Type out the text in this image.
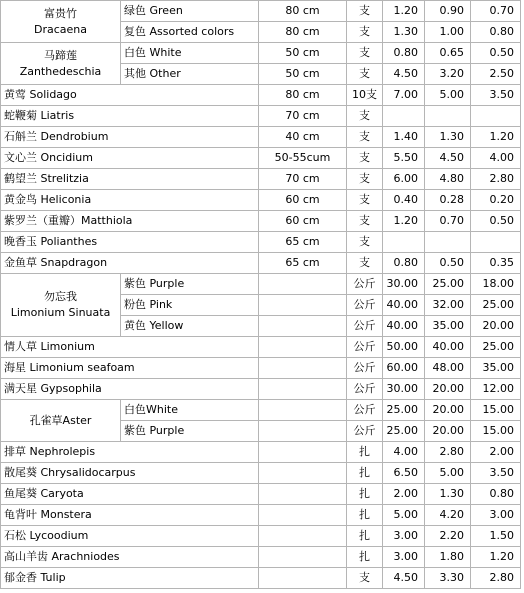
富贵竹
Dracaena	绿色 Green	80 cm	支	1.20	0.90	0.70
	复色 Assorted colors	80 cm	支	1.30	1.00	0.80

马蹄莲
Zanthedeschia	白色 White	50 cm	支	0.80	0.65	0.50
	其他 Other	50 cm	支	4.50	3.20	2.50
黄莺 Solidago		80 cm	10支	7.00	5.00	3.50
蛇鞭菊 Liatris		70 cm	支			
石斛兰 Dendrobium		40 cm	支	1.40	1.30	1.20
文心兰 Oncidium		50-55cum	支	5.50	4.50	4.00
鹤望兰 Strelitzia		70 cm	支	6.00	4.80	2.80
黄金鸟 Heliconia		60 cm	支	0.40	0.28	0.20
紫罗兰（重瓣）Matthiola		60 cm	支	1.20	0.70	0.50
晚香玉 Polianthes		65 cm	支			
金鱼草 Snapdragon		65 cm	支	0.80	0.50	0.35

勿忘我
Limonium Sinuata	紫色 Purple		公斤	30.00	25.00	18.00
	粉色 Pink		公斤	40.00	32.00	25.00
	黄色 Yellow		公斤	40.00	35.00	20.00
情人草 Limonium			公斤	50.00	40.00	25.00
海星 Limonium seafoam			公斤	60.00	48.00	35.00
满天星 Gypsophila			公斤	30.00	20.00	12.00

孔雀草Aster	白色White		公斤	25.00	20.00	15.00
	紫色 Purple		公斤	25.00	20.00	15.00
排草 Nephrolepis			扎	4.00	2.80	2.00
散尾葵 Chrysalidocarpus			扎	6.50	5.00	3.50
鱼尾葵 Caryota			扎	2.00	1.30	0.80
龟背叶 Monstera			扎	5.00	4.20	3.00
石松 Lycoodium			扎	3.00	2.20	1.50
高山羊齿 Arachniodes			扎	3.00	1.80	1.20
郁金香 Tulip			支	4.50	3.30	2.80
